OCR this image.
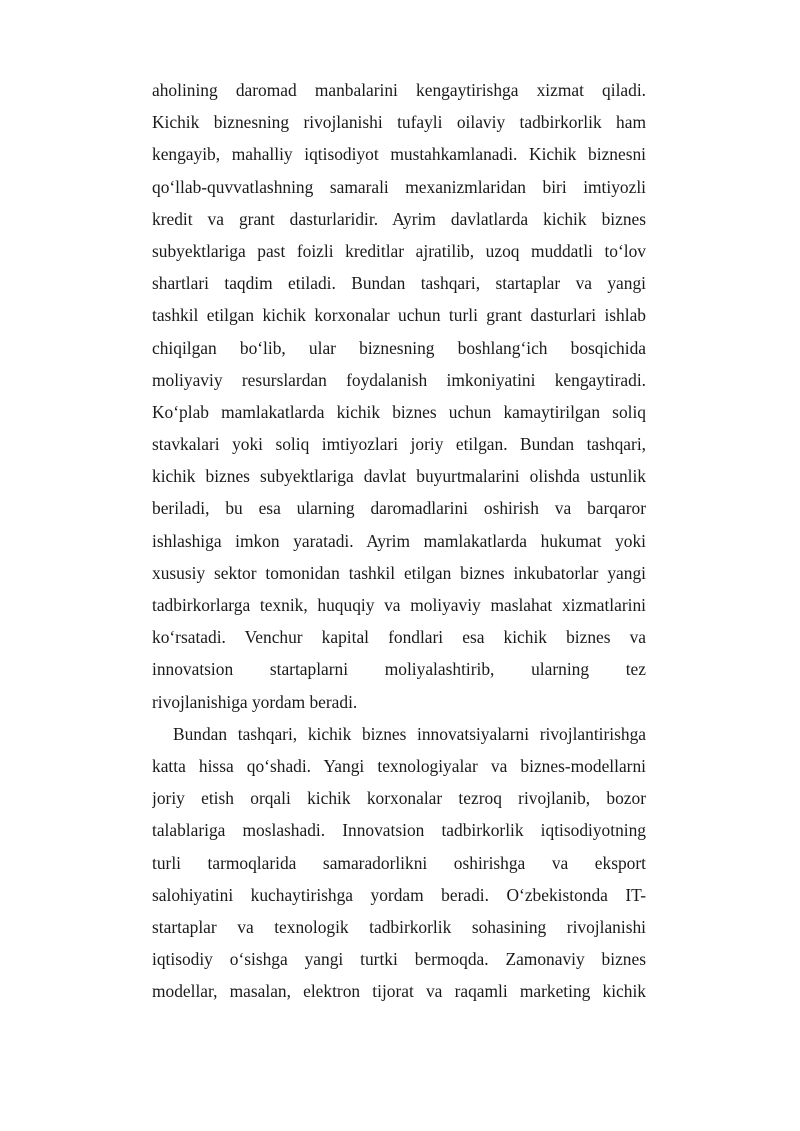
aholining daromad manbalarini kengaytirishga xizmat qiladi.
Kichik biznesning rivojlanishi tufayli oilaviy tadbirkorlik ham
kengayib, mahalliy iqtisodiyot mustahkamlanadi. Kichik biznesni
qo‘llab-quvvatlashning samarali mexanizmlaridan biri imtiyozli
kredit va grant dasturlaridir. Ayrim davlatlarda kichik biznes
subyektlariga past foizli kreditlar ajratilib, uzoq muddatli to‘lov
shartlari taqdim etiladi. Bundan tashqari, startaplar va yangi
tashkil etilgan kichik korxonalar uchun turli grant dasturlari ishlab
chiqilgan bo‘lib, ular biznesning boshlang‘ich bosqichida
moliyaviy resurslardan foydalanish imkoniyatini kengaytiradi.
Ko‘plab mamlakatlarda kichik biznes uchun kamaytirilgan soliq
stavkalari yoki soliq imtiyozlari joriy etilgan. Bundan tashqari,
kichik biznes subyektlariga davlat buyurtmalarini olishda ustunlik
beriladi, bu esa ularning daromadlarini oshirish va barqaror
ishlashiga imkon yaratadi. Ayrim mamlakatlarda hukumat yoki
xususiy sektor tomonidan tashkil etilgan biznes inkubatorlar yangi
tadbirkorlarga texnik, huquqiy va moliyaviy maslahat xizmatlarini
ko‘rsatadi. Venchur kapital fondlari esa kichik biznes va
innovatsion startaplarni moliyalashtirib, ularning tez
rivojlanishiga yordam beradi.
Bundan tashqari, kichik biznes innovatsiyalarni rivojlantirishga
katta hissa qo‘shadi. Yangi texnologiyalar va biznes-modellarni
joriy etish orqali kichik korxonalar tezroq rivojlanib, bozor
talablariga moslashadi. Innovatsion tadbirkorlik iqtisodiyotning
turli tarmoqlarida samaradorlikni oshirishga va eksport
salohiyatini kuchaytirishga yordam beradi. O‘zbekistonda IT-
startaplar va texnologik tadbirkorlik sohasining rivojlanishi
iqtisodiy o‘sishga yangi turtki bermoqda. Zamonaviy biznes
modellar, masalan, elektron tijorat va raqamli marketing kichik
